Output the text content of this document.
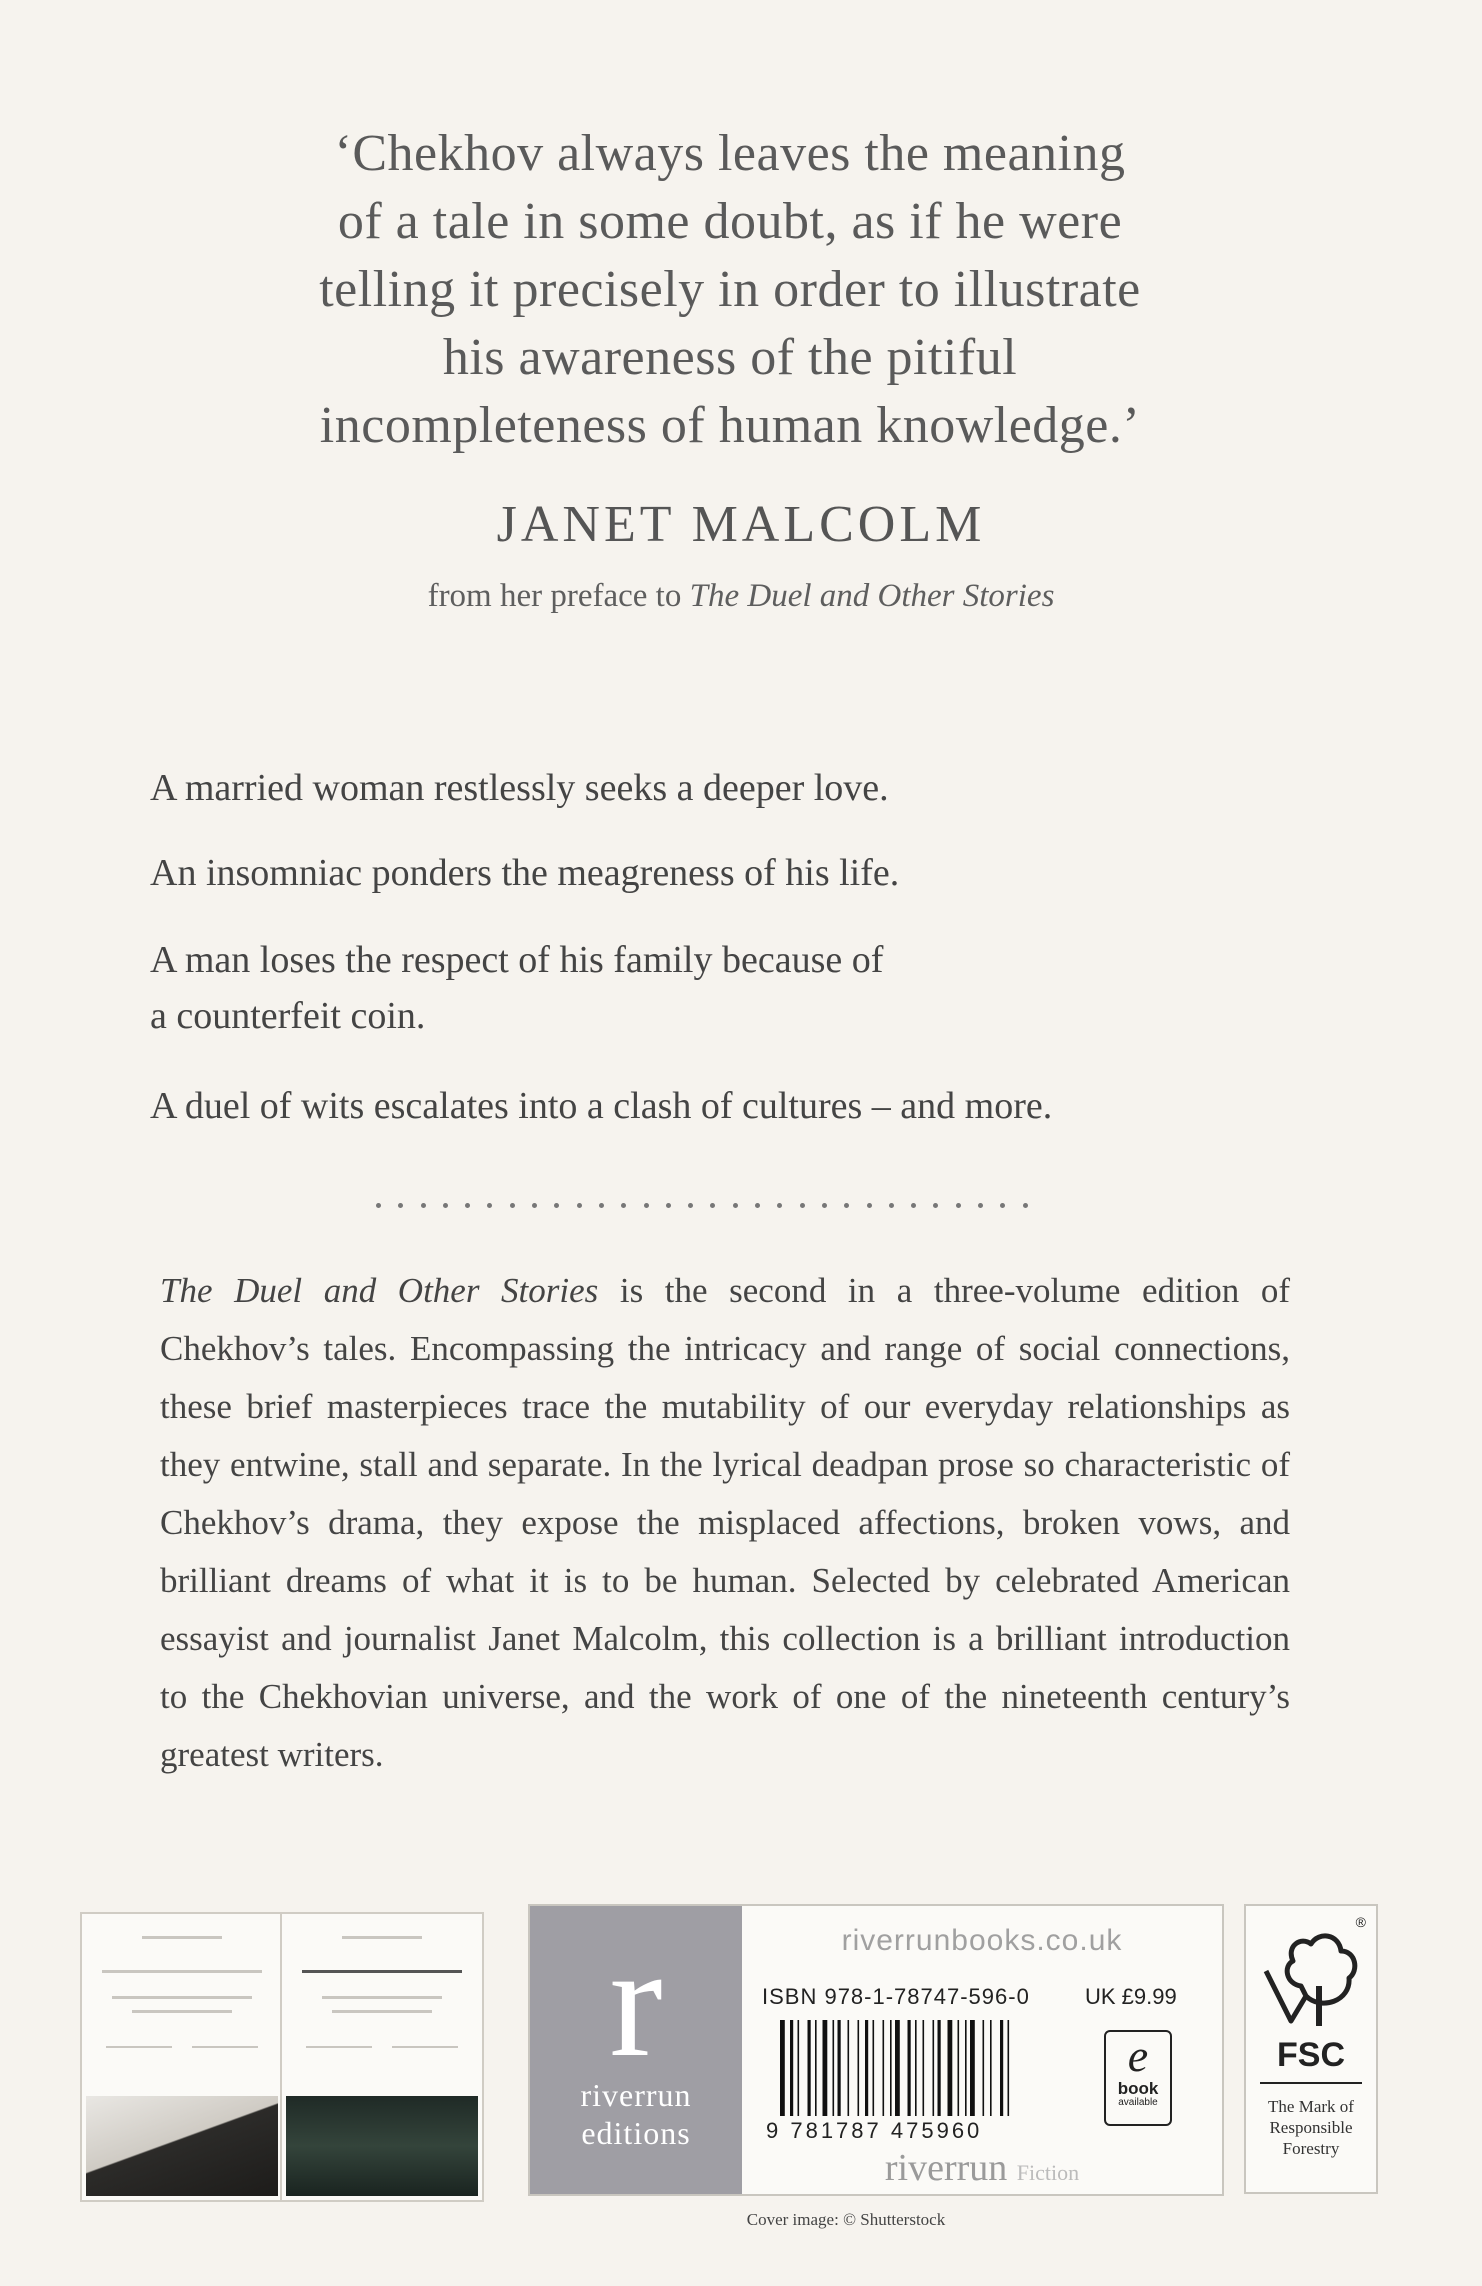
‘Chekhov always leaves the meaning
of a tale in some doubt, as if he were
telling it precisely in order to illustrate
his awareness of the pitiful
incompleteness of human knowledge.’
JANET MALCOLM
from her preface to The Duel and Other Stories

A married woman restlessly seeks a deeper love.

An insomniac ponders the meagreness of his life.

A man loses the respect of his family because of

a counterfeit coin.

A duel of wits escalates into a clash of cultures – and more.

The Duel and Other Stories is the second in a three-volume edition of Chekhov’s tales. Encompassing the intricacy and range of social connections, these brief masterpieces trace the mutability of our everyday relationships as they entwine, stall and separate. In the lyrical deadpan prose so characteristic of Chekhov’s drama, they expose the misplaced affections, broken vows, and brilliant dreams of what it is to be human. Selected by celebrated American essayist and journalist Janet Malcolm, this collection is a brilliant introduction to the Chekhovian universe, and the work of one of the nineteenth century’s greatest writers.
r
riverrun
editions
riverrunbooks.co.uk
ISBN 978-1-78747-596-0	UK £9.99
9 781787 475960
e
book
available
riverrun Fiction
®
FSC
The Mark of
Responsible
Forestry
Cover image: © Shutterstock
